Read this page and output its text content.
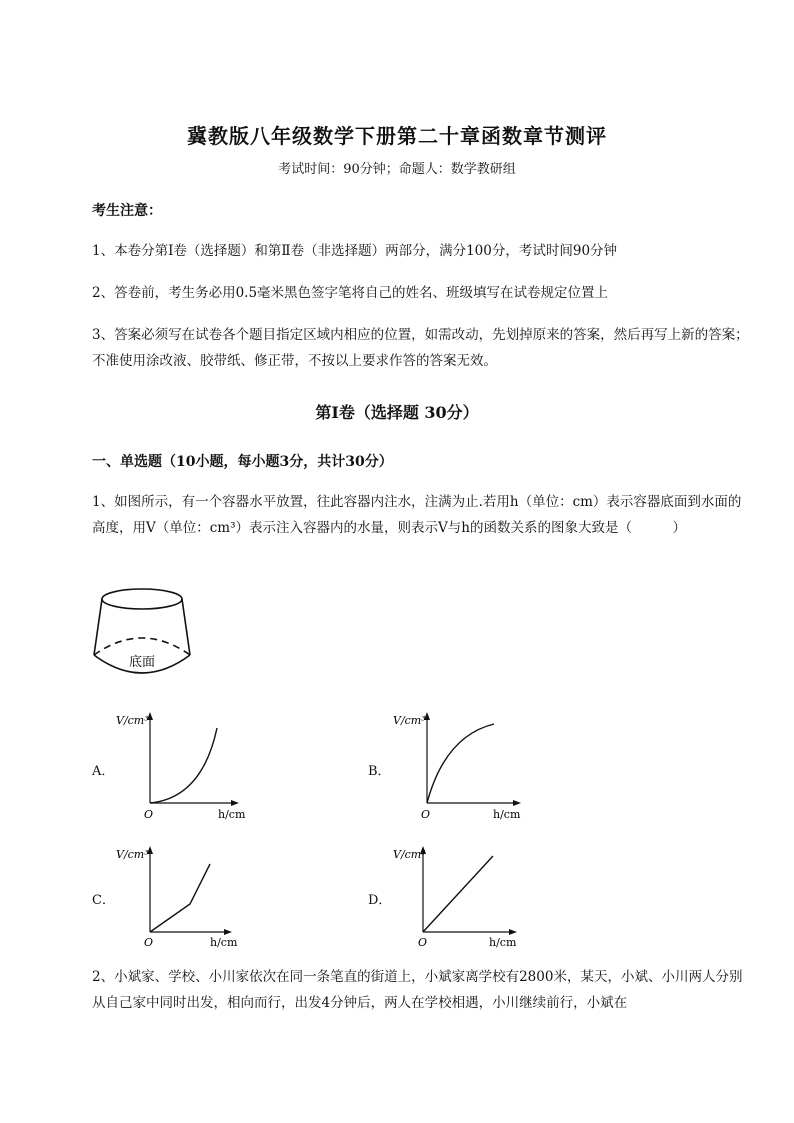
冀教版八年级数学下册第二十章函数章节测评
考试时间：90分钟；命题人：数学教研组
考生注意：
1、本卷分第I卷（选择题）和第Ⅱ卷（非选择题）两部分，满分100分，考试时间90分钟
2、答卷前，考生务必用0.5毫米黑色签字笔将自己的姓名、班级填写在试卷规定位置上
3、答案必须写在试卷各个题目指定区域内相应的位置，如需改动，先划掉原来的答案，然后再写上新的答案；不准使用涂改液、胶带纸、修正带，不按以上要求作答的答案无效。
第I卷（选择题 30分）
一、单选题（10小题，每小题3分，共计30分）
1、如图所示，有一个容器水平放置，往此容器内注水，注满为止.若用h（单位：cm）表示容器底面到水面的高度，用V（单位：cm³）表示注入容器内的水量，则表示V与h的函数关系的图象大致是（　　　）
底面
A．
V/cm³
O	h/cm
B．
V/cm³
O	h/cm
C．
V/cm³
O	h/cm
D．
V/cm³
O	h/cm
2、小斌家、学校、小川家依次在同一条笔直的街道上，小斌家离学校有2800米，某天，小斌、小川两人分别从自己家中同时出发，相向而行，出发4分钟后，两人在学校相遇，小川继续前行，小斌在
